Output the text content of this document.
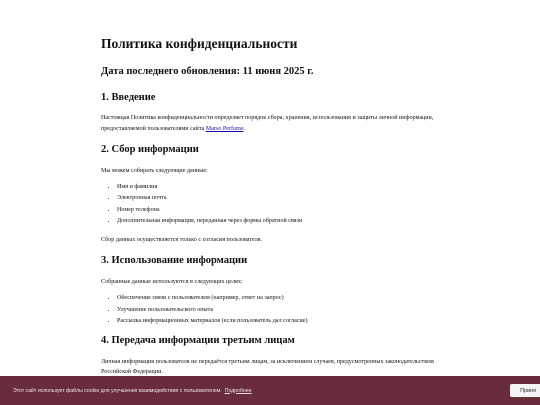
Политика конфиденциальности
Дата последнего обновления: 11 июня 2025 г.
1. Введение

Настоящая Политика конфиденциальности определяет порядок сбора, хранения, использования и защиты личной информации, предоставляемой пользователями сайта Marso Perfume.

2. Сбор информации

Мы можем собирать следующие данные:

• Имя и фамилия
• Электронная почта
• Номер телефона
• Дополнительная информация, переданная через формы обратной связи

Сбор данных осуществляется только с согласия пользователя.

3. Использование информации

Собранные данные используются в следующих целях:

• Обеспечение связи с пользователем (например, ответ на запрос)
• Улучшение пользовательского опыта
• Рассылка информационных материалов (если пользователь дал согласие)
4. Передача информации третьим лицам

Личная информация пользователя не передаётся третьим лицам, за исключением случаев, предусмотренных законодательством Российской Федерации.

Этот сайт использует файлы cookie для улучшения взаимодействия с пользователем. Подробнее	Приня
